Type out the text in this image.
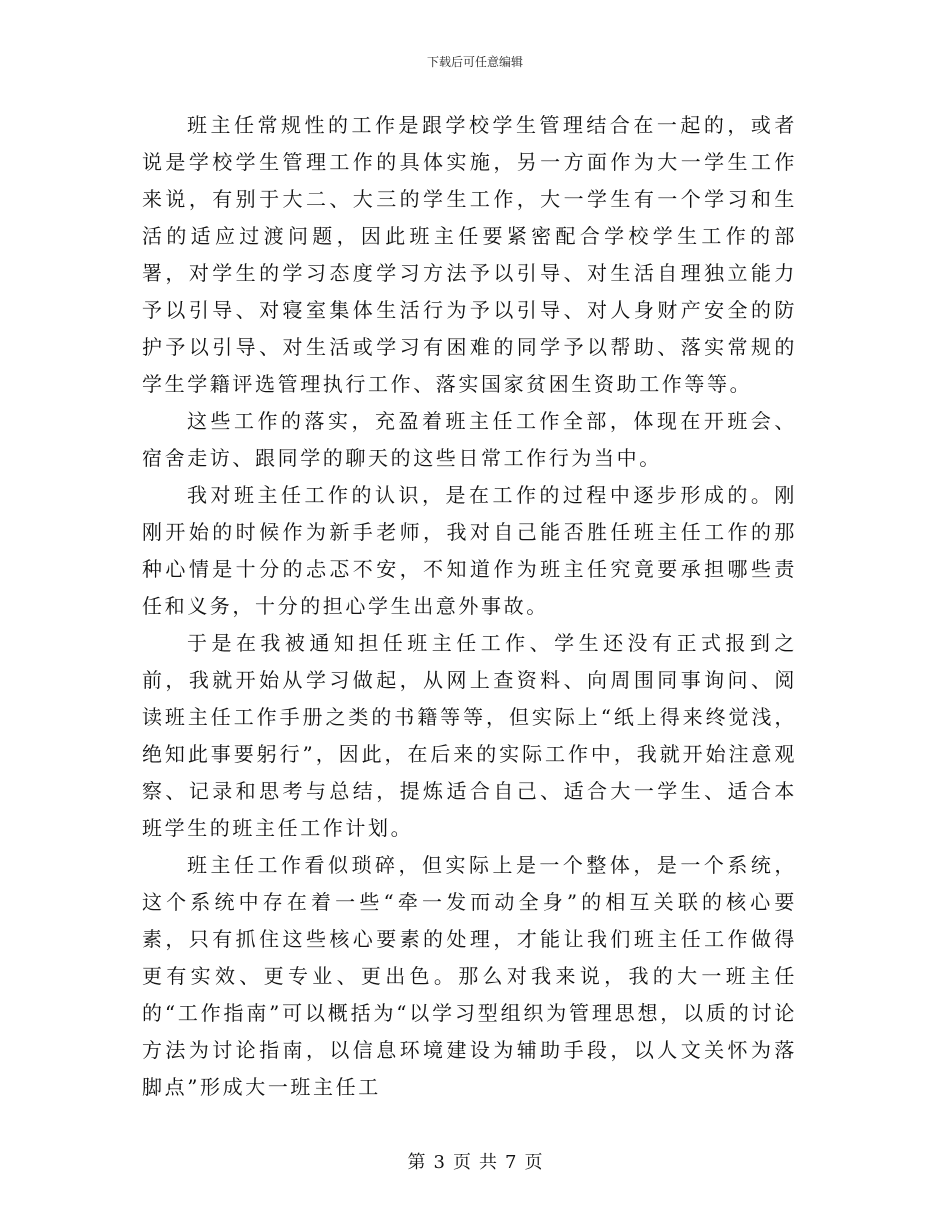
下载后可任意编辑

班主任常规性的工作是跟学校学生管理结合在一起的，或者说是学校学生管理工作的具体实施，另一方面作为大一学生工作来说，有别于大二、大三的学生工作，大一学生有一个学习和生活的适应过渡问题，因此班主任要紧密配合学校学生工作的部署，对学生的学习态度学习方法予以引导、对生活自理独立能力予以引导、对寝室集体生活行为予以引导、对人身财产安全的防护予以引导、对生活或学习有困难的同学予以帮助、落实常规的学生学籍评选管理执行工作、落实国家贫困生资助工作等等。

这些工作的落实，充盈着班主任工作全部，体现在开班会、宿舍走访、跟同学的聊天的这些日常工作行为当中。

我对班主任工作的认识，是在工作的过程中逐步形成的。刚刚开始的时候作为新手老师，我对自己能否胜任班主任工作的那种心情是十分的忐忑不安，不知道作为班主任究竟要承担哪些责任和义务，十分的担心学生出意外事故。

于是在我被通知担任班主任工作、学生还没有正式报到之前，我就开始从学习做起，从网上查资料、向周围同事询问、阅读班主任工作手册之类的书籍等等，但实际上“纸上得来终觉浅，绝知此事要躬行”，因此，在后来的实际工作中，我就开始注意观察、记录和思考与总结，提炼适合自己、适合大一学生、适合本班学生的班主任工作计划。

班主任工作看似琐碎，但实际上是一个整体，是一个系统，这个系统中存在着一些“牵一发而动全身”的相互关联的核心要素，只有抓住这些核心要素的处理，才能让我们班主任工作做得更有实效、更专业、更出色。那么对我来说，我的大一班主任的“工作指南”可以概括为“以学习型组织为管理思想，以质的讨论方法为讨论指南，以信息环境建设为辅助手段，以人文关怀为落脚点”形成大一班主任工

第 3 页 共 7 页
